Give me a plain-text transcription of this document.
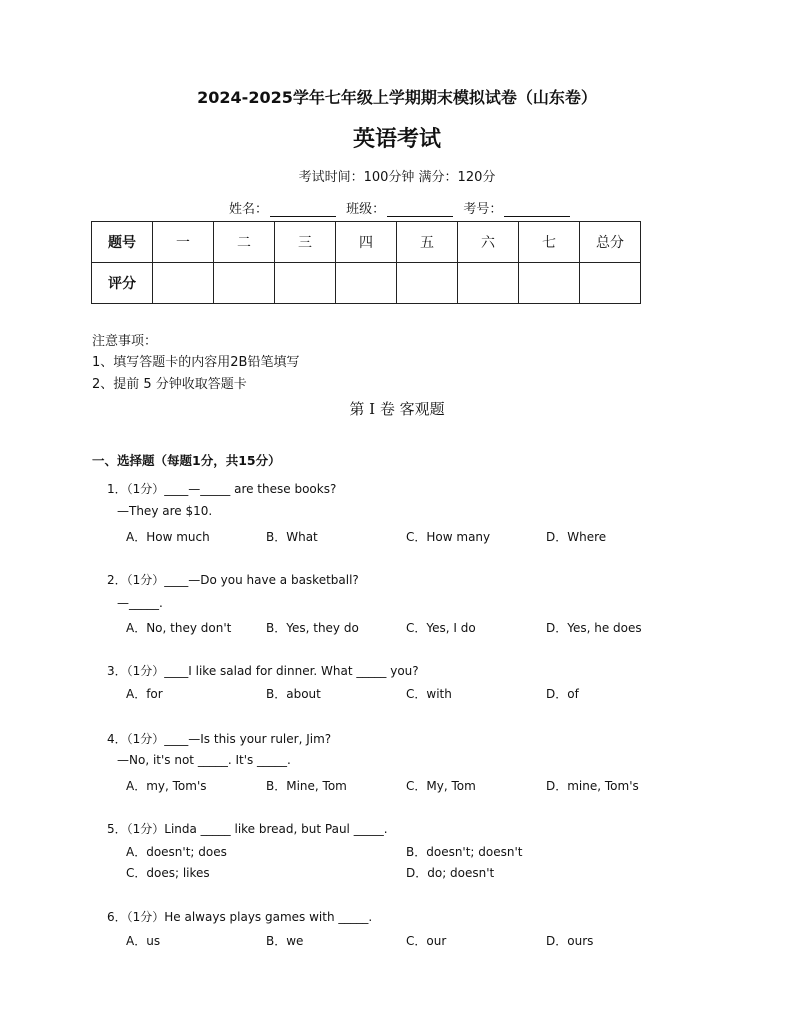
2024-2025学年七年级上学期期末模拟试卷（山东卷）
英语考试
考试时间：100分钟 满分：120分
姓名：	班级：	考号：
题号	一	二	三	四	五	六	七	总分
评分								
注意事项：
1、填写答题卡的内容用2B铅笔填写
2、提前 5 分钟收取答题卡
第 I 卷 客观题
一、选择题（每题1分，共15分）
1．（1分）____—_____ are these books?
—They are $10.
A．How much	B．What	C．How many	D．Where
2．（1分）____—Do you have a basketball?
—_____.
A．No, they don't	B．Yes, they do	C．Yes, I do	D．Yes, he does
3．（1分）____I like salad for dinner. What _____ you?
A．for	B．about	C．with	D．of
4．（1分）____—Is this your ruler, Jim?
—No, it's not _____. It's _____.
A．my, Tom's	B．Mine, Tom	C．My, Tom	D．mine, Tom's
5．（1分）Linda _____ like bread, but Paul _____.
A．doesn't; does	B．doesn't; doesn't
C．does; likes	D．do; doesn't
6．（1分）He always plays games with _____.
A．us	B．we	C．our	D．ours
